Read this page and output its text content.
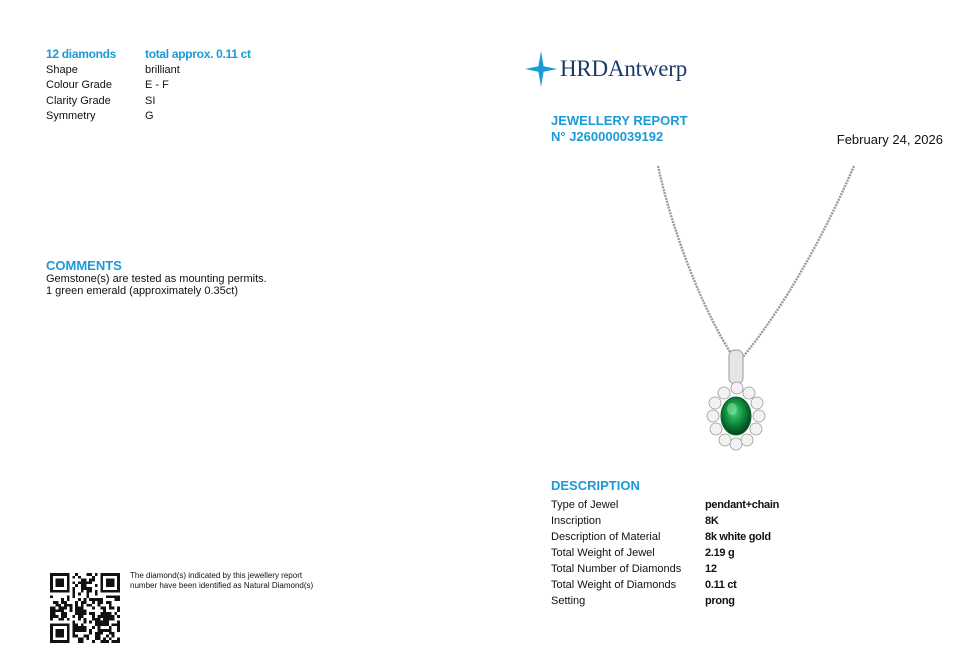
12 diamonds	total approx. 0.11 ct
Shape	brilliant
Colour Grade	E - F
Clarity Grade	SI
Symmetry	G
COMMENTS
Gemstone(s) are tested as mounting permits.
1 green emerald (approximately 0.35ct)
The diamond(s) indicated by this jewellery report number have been identified as Natural Diamond(s)
HRDAntwerp
JEWELLERY REPORT
N° J260000039192	February 24, 2026
DESCRIPTION
Type of Jewel	pendant+chain
Inscription	8K
Description of Material	8k white gold
Total Weight of Jewel	2.19 g
Total Number of Diamonds	12
Total Weight of Diamonds	0.11 ct
Setting	prong
